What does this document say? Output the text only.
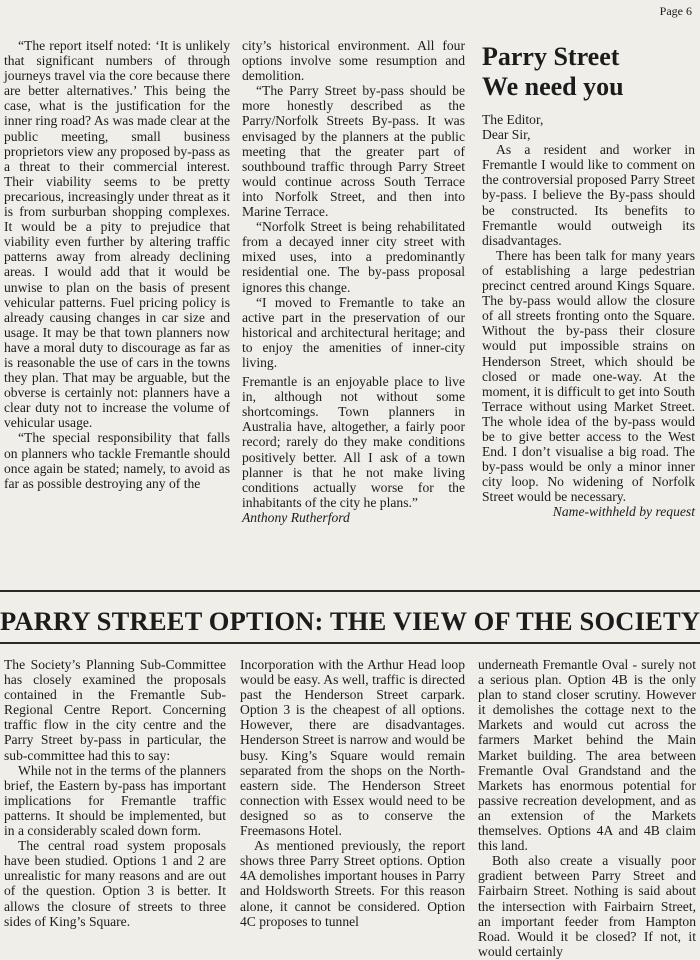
Page 6

“The report itself noted: ‘It is unlikely that significant numbers of through journeys travel via the core because there are better alternatives.’ This being the case, what is the justification for the inner ring road? As was made clear at the public meeting, small business proprietors view any proposed by-pass as a threat to their commercial interest. Their viability seems to be pretty precarious, increasingly under threat as it is from surburban shopping complexes. It would be a pity to prejudice that viability even further by altering traffic patterns away from already declining areas. I would add that it would be unwise to plan on the basis of present vehicular patterns. Fuel pricing policy is already causing changes in car size and usage. It may be that town planners now have a moral duty to discourage as far as is reasonable the use of cars in the towns they plan. That may be arguable, but the obverse is certainly not: planners have a clear duty not to increase the volume of vehicular usage.

“The special responsibility that falls on planners who tackle Fremantle should once again be stated; namely, to avoid as far as possible destroying any of the

city’s historical environment. All four options involve some resumption and demolition.

“The Parry Street by-pass should be more honestly described as the Parry/Norfolk Streets By-pass. It was envisaged by the planners at the public meeting that the greater part of southbound traffic through Parry Street would continue across South Terrace into Norfolk Street, and then into Marine Terrace.

“Norfolk Street is being rehabilitated from a decayed inner city street with mixed uses, into a predominantly residential one. The by-pass proposal ignores this change.

“I moved to Fremantle to take an active part in the preservation of our historical and architectural heritage; and to enjoy the amenities of inner-city living.

Fremantle is an enjoyable place to live in, although not without some shortcomings. Town planners in Australia have, altogether, a fairly poor record; rarely do they make conditions positively better. All I ask of a town planner is that he not make living conditions actually worse for the inhabitants of the city he plans.”

Anthony Rutherford

Parry Street
We need you

The Editor,

Dear Sir,

As a resident and worker in Fremantle I would like to comment on the controversial proposed Parry Street by-pass. I believe the By-pass should be constructed. Its benefits to Fremantle would outweigh its disadvantages.

There has been talk for many years of establishing a large pedestrian precinct centred around Kings Square. The by-pass would allow the closure of all streets fronting onto the Square. Without the by-pass their closure would put impossible strains on Henderson Street, which should be closed or made one-way. At the moment, it is difficult to get into South Terrace without using Market Street. The whole idea of the by-pass would be to give better access to the West End. I don’t visualise a big road. The by-pass would be only a minor inner city loop. No widening of Norfolk Street would be necessary.

Name-withheld by request

PARRY STREET OPTION: THE VIEW OF THE SOCIETY

The Society’s Planning Sub-Committee has closely examined the proposals contained in the Fremantle Sub-Regional Centre Report. Concerning traffic flow in the city centre and the Parry Street by-pass in particular, the sub-committee had this to say:

While not in the terms of the planners brief, the Eastern by-pass has important implications for Fremantle traffic patterns. It should be implemented, but in a considerably scaled down form.

The central road system proposals have been studied. Options 1 and 2 are unrealistic for many reasons and are out of the question. Option 3 is better. It allows the closure of streets to three sides of King’s Square.

Incorporation with the Arthur Head loop would be easy. As well, traffic is directed past the Henderson Street carpark. Option 3 is the cheapest of all options. However, there are disadvantages. Henderson Street is narrow and would be busy. King’s Square would remain separated from the shops on the North-eastern side. The Henderson Street connection with Essex would need to be designed so as to conserve the Freemasons Hotel.

As mentioned previously, the report shows three Parry Street options. Option 4A demolishes important houses in Parry and Holdsworth Streets. For this reason alone, it cannot be considered. Option 4C proposes to tunnel

underneath Fremantle Oval - surely not a serious plan. Option 4B is the only plan to stand closer scrutiny. However it demolishes the cottage next to the Markets and would cut across the farmers Market behind the Main Market building. The area between Fremantle Oval Grandstand and the Markets has enormous potential for passive recreation development, and as an extension of the Markets themselves. Options 4A and 4B claim this land.

Both also create a visually poor gradient between Parry Street and Fairbairn Street. Nothing is said about the intersection with Fairbairn Street, an important feeder from Hampton Road. Would it be closed? If not, it would certainly
